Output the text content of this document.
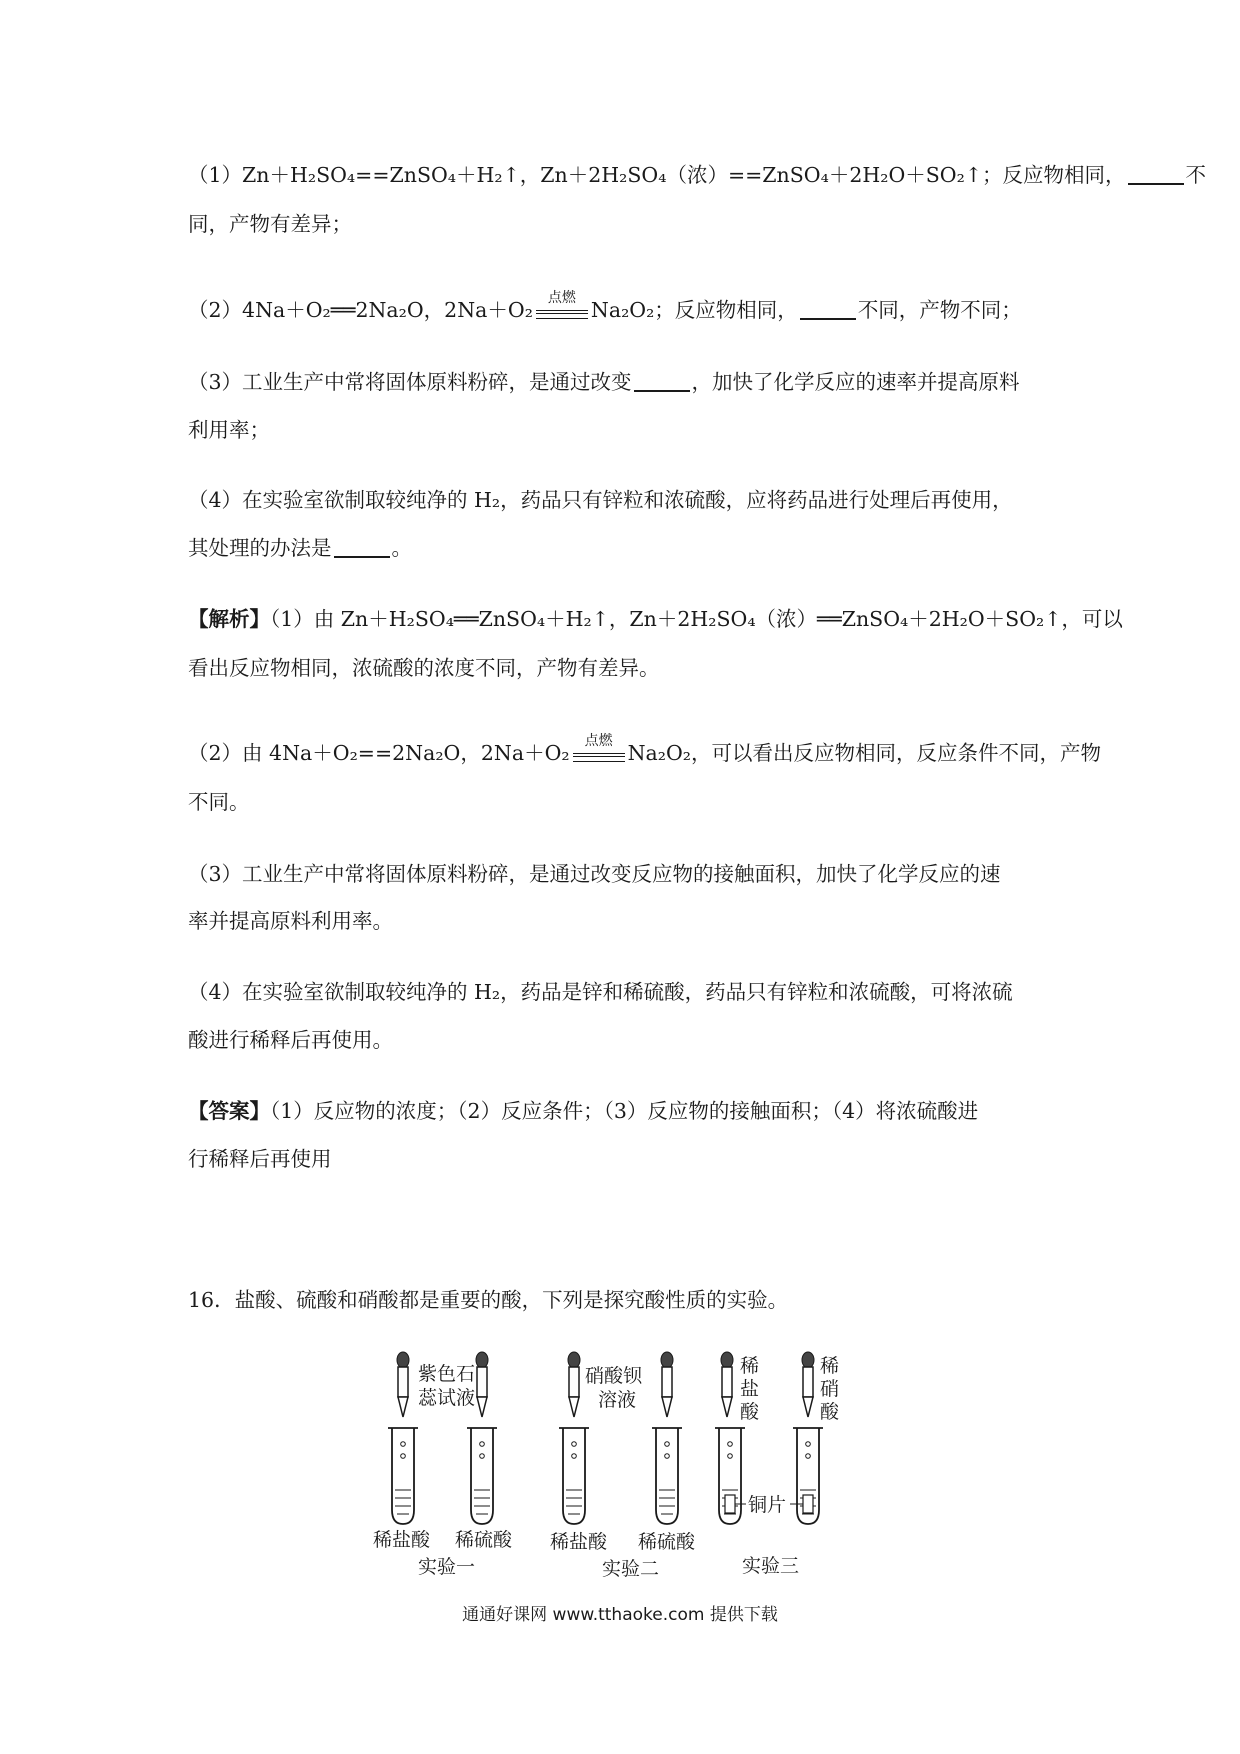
（1）Zn＋H₂SO₄==ZnSO₄＋H₂↑，Zn＋2H₂SO₄（浓）==ZnSO₄＋2H₂O＋SO₂↑；反应物相同，	不
同，产物有差异；
（2）4Na＋O₂══2Na₂O，2Na＋O₂	点燃 Na₂O₂；反应物相同，	不同，产物不同；
（3）工业生产中常将固体原料粉碎，是通过改变	，加快了化学反应的速率并提高原料
利用率；
（4）在实验室欲制取较纯净的 H₂，药品只有锌粒和浓硫酸，应将药品进行处理后再使用，
其处理的办法是	。
【解析】（1）由 Zn＋H₂SO₄══ZnSO₄＋H₂↑，Zn＋2H₂SO₄（浓）══ZnSO₄＋2H₂O＋SO₂↑，可以
看出反应物相同，浓硫酸的浓度不同，产物有差异。
（2）由 4Na＋O₂==2Na₂O，2Na＋O₂	点燃 Na₂O₂，可以看出反应物相同，反应条件不同，产物
不同。
（3）工业生产中常将固体原料粉碎，是通过改变反应物的接触面积，加快了化学反应的速
率并提高原料利用率。
（4）在实验室欲制取较纯净的 H₂，药品是锌和稀硫酸，药品只有锌粒和浓硫酸，可将浓硫
酸进行稀释后再使用。
【答案】（1）反应物的浓度；（2）反应条件；（3）反应物的接触面积；（4）将浓硫酸进
行稀释后再使用
16．盐酸、硫酸和硝酸都是重要的酸，下列是探究酸性质的实验。
紫色石
蕊试液
稀盐酸 稀硫酸
实验一
硝酸钡
溶液
稀盐酸 稀硫酸
实验二
稀
盐
酸
稀
硝
酸
铜片
实验三
通通好课网 www.tthaoke.com 提供下载
